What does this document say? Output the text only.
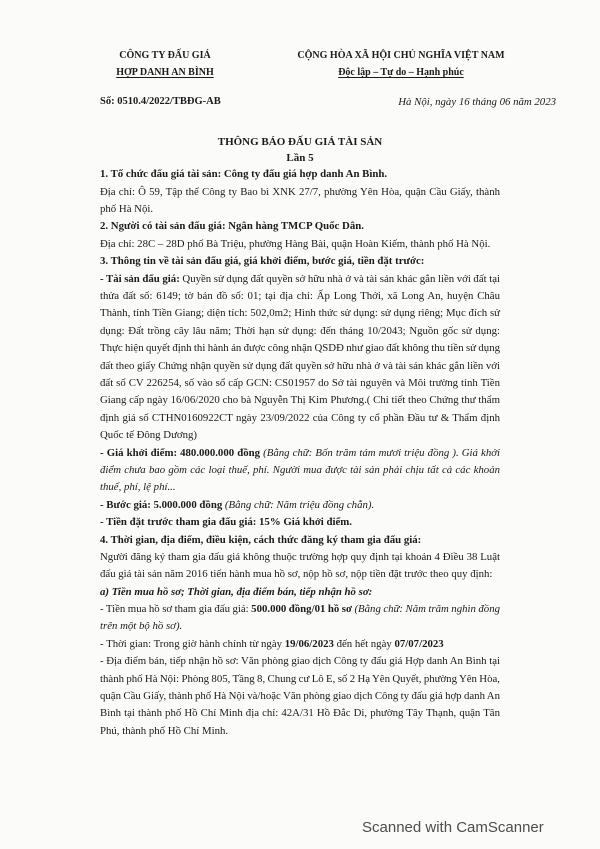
CÔNG TY ĐẤU GIÁ
HỢP DANH AN BÌNH
CỘNG HÒA XÃ HỘI CHỦ NGHĨA VIỆT NAM
Độc lập – Tự do – Hạnh phúc
Số: 0510.4/2022/TBĐG-AB	Hà Nội, ngày 16 tháng 06 năm 2023
THÔNG BÁO ĐẤU GIÁ TÀI SẢN
Lần 5
1. Tổ chức đấu giá tài sản: Công ty đấu giá hợp danh An Bình.
Địa chỉ: Ô 59, Tập thể Công ty Bao bì XNK 27/7, phường Yên Hòa, quận Cầu Giấy, thành
phố Hà Nội.
2. Người có tài sản đấu giá: Ngân hàng TMCP Quốc Dân.
Địa chỉ: 28C – 28D phố Bà Triệu, phường Hàng Bài, quận Hoàn Kiếm, thành phố Hà Nội.
3. Thông tin về tài sản đấu giá, giá khởi điểm, bước giá, tiền đặt trước:
- Tài sản đấu giá: Quyền sử dụng đất quyền sở hữu nhà ở và tài sản khác gắn liền với đất tại
thửa đất số: 6149; tờ bản đồ số: 01; tại địa chỉ: Ấp Long Thới, xã Long An, huyện Châu
Thành, tỉnh Tiền Giang; diện tích: 502,0m2; Hình thức sử dụng: sử dụng riêng; Mục đích sử
dụng: Đất trồng cây lâu năm; Thời hạn sử dụng: đến tháng 10/2043; Nguồn gốc sử dụng:
Thực hiện quyết định thi hành án được công nhận QSDĐ như giao đất không thu tiền sử dụng
đất theo giấy Chứng nhận quyền sử dụng đất quyền sở hữu nhà ở và tài sản khác gắn liền với
đất số CV 226254, số vào sổ cấp GCN: CS01957 do Sở tài nguyên và Môi trường tỉnh Tiền
Giang cấp ngày 16/06/2020 cho bà Nguyễn Thị Kim Phương.( Chi tiết theo Chứng thư thẩm
định giá số CTHN0160922CT ngày 23/09/2022 của Công ty cổ phần Đầu tư & Thẩm định
Quốc tế Đông Dương)
- Giá khởi điểm: 480.000.000 đồng (Bằng chữ: Bốn trăm tám mươi triệu đồng ). Giá khởi
điểm chưa bao gồm các loại thuế, phí. Người mua được tài sản phải chịu tất cả các khoản
thuế, phí, lệ phí...
- Bước giá: 5.000.000 đồng (Bằng chữ: Năm triệu đồng chẵn).
- Tiền đặt trước tham gia đấu giá: 15% Giá khởi điểm.
4. Thời gian, địa điểm, điều kiện, cách thức đăng ký tham gia đấu giá:
Người đăng ký tham gia đấu giá không thuộc trường hợp quy định tại khoản 4 Điều 38 Luật
đấu giá tài sản năm 2016 tiến hành mua hồ sơ, nộp hồ sơ, nộp tiền đặt trước theo quy định:
a) Tiền mua hồ sơ; Thời gian, địa điểm bán, tiếp nhận hồ sơ:
- Tiền mua hồ sơ tham gia đấu giá: 500.000 đồng/01 hồ sơ (Bằng chữ: Năm trăm nghìn đồng
trên một bộ hồ sơ).
- Thời gian: Trong giờ hành chính từ ngày 19/06/2023 đến hết ngày 07/07/2023
- Địa điểm bán, tiếp nhận hồ sơ: Văn phòng giao dịch Công ty đấu giá Hợp danh An Bình tại
thành phố Hà Nội: Phòng 805, Tầng 8, Chung cư Lô E, số 2 Hạ Yên Quyết, phường Yên Hòa,
quận Cầu Giấy, thành phố Hà Nội và/hoặc Văn phòng giao dịch Công ty đấu giá hợp danh An
Bình tại thành phố Hồ Chí Minh địa chỉ: 42A/31 Hồ Đắc Di, phường Tây Thạnh, quận Tân
Phú, thành phố Hồ Chí Minh.
Scanned with CamScanner
